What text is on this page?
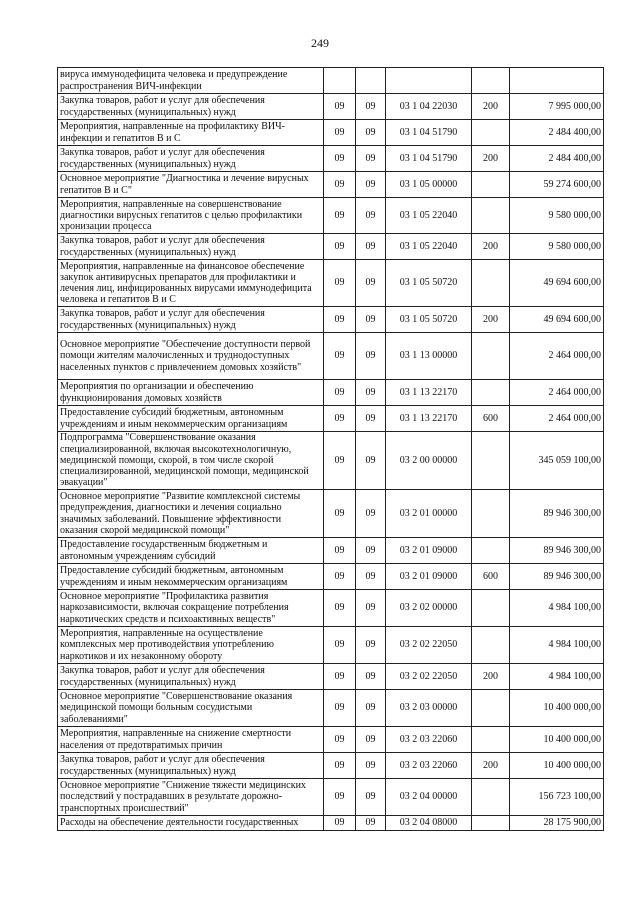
249
вируса иммунодефицита человека и предупреждение распространения ВИЧ-инфекции					
Закупка товаров, работ и услуг для обеспечения государственных (муниципальных) нужд	09	09	03 1 04 22030	200	7 995 000,00
Мероприятия, направленные на профилактику ВИЧ-инфекции и гепатитов В и С	09	09	03 1 04 51790		2 484 400,00
Закупка товаров, работ и услуг для обеспечения государственных (муниципальных) нужд	09	09	03 1 04 51790	200	2 484 400,00
Основное мероприятие "Диагностика и лечение вирусных гепатитов В и С"	09	09	03 1 05 00000		59 274 600,00
Мероприятия, направленные на совершенствование диагностики вирусных гепатитов с целью профилактики хронизации процесса	09	09	03 1 05 22040		9 580 000,00
Закупка товаров, работ и услуг для обеспечения государственных (муниципальных) нужд	09	09	03 1 05 22040	200	9 580 000,00
Мероприятия, направленные на финансовое обеспечение закупок антивирусных препаратов для профилактики и лечения лиц, инфицированных вирусами иммунодефицита человека и гепатитов В и С	09	09	03 1 05 50720		49 694 600,00
Закупка товаров, работ и услуг для обеспечения государственных (муниципальных) нужд	09	09	03 1 05 50720	200	49 694 600,00
Основное мероприятие "Обеспечение доступности первой помощи жителям малочисленных и труднодоступных населенных пунктов с привлечением домовых хозяйств"	09	09	03 1 13 00000		2 464 000,00
Мероприятия по организации и обеспечению функционирования домовых хозяйств	09	09	03 1 13 22170		2 464 000,00
Предоставление субсидий бюджетным, автономным учреждениям и иным некоммерческим организациям	09	09	03 1 13 22170	600	2 464 000,00
Подпрограмма "Совершенствование оказания специализированной, включая высокотехнологичную, медицинской помощи, скорой, в том числе скорой специализированной, медицинской помощи, медицинской эвакуации"	09	09	03 2 00 00000		345 059 100,00
Основное мероприятие "Развитие комплексной системы предупреждения, диагностики и лечения социально значимых заболеваний. Повышение эффективности оказания скорой медицинской помощи"	09	09	03 2 01 00000		89 946 300,00
Предоставление государственным бюджетным и автономным учреждениям субсидий	09	09	03 2 01 09000		89 946 300,00
Предоставление субсидий бюджетным, автономным учреждениям и иным некоммерческим организациям	09	09	03 2 01 09000	600	89 946 300,00
Основное мероприятие "Профилактика развития наркозависимости, включая сокращение потребления наркотических средств и психоактивных веществ"	09	09	03 2 02 00000		4 984 100,00
Мероприятия, направленные на осуществление комплексных мер противодействия употреблению наркотиков и их незаконному обороту	09	09	03 2 02 22050		4 984 100,00
Закупка товаров, работ и услуг для обеспечения государственных (муниципальных) нужд	09	09	03 2 02 22050	200	4 984 100,00
Основное мероприятие "Совершенствование оказания медицинской помощи больным сосудистыми заболеваниями"	09	09	03 2 03 00000		10 400 000,00
Мероприятия, направленные на снижение смертности населения от предотвратимых причин	09	09	03 2 03 22060		10 400 000,00
Закупка товаров, работ и услуг для обеспечения государственных (муниципальных) нужд	09	09	03 2 03 22060	200	10 400 000,00
Основное мероприятие "Снижение тяжести медицинских последствий у пострадавших в результате дорожно-транспортных происшествий"	09	09	03 2 04 00000		156 723 100,00
Расходы на обеспечение деятельности государственных	09	09	03 2 04 08000		28 175 900,00
